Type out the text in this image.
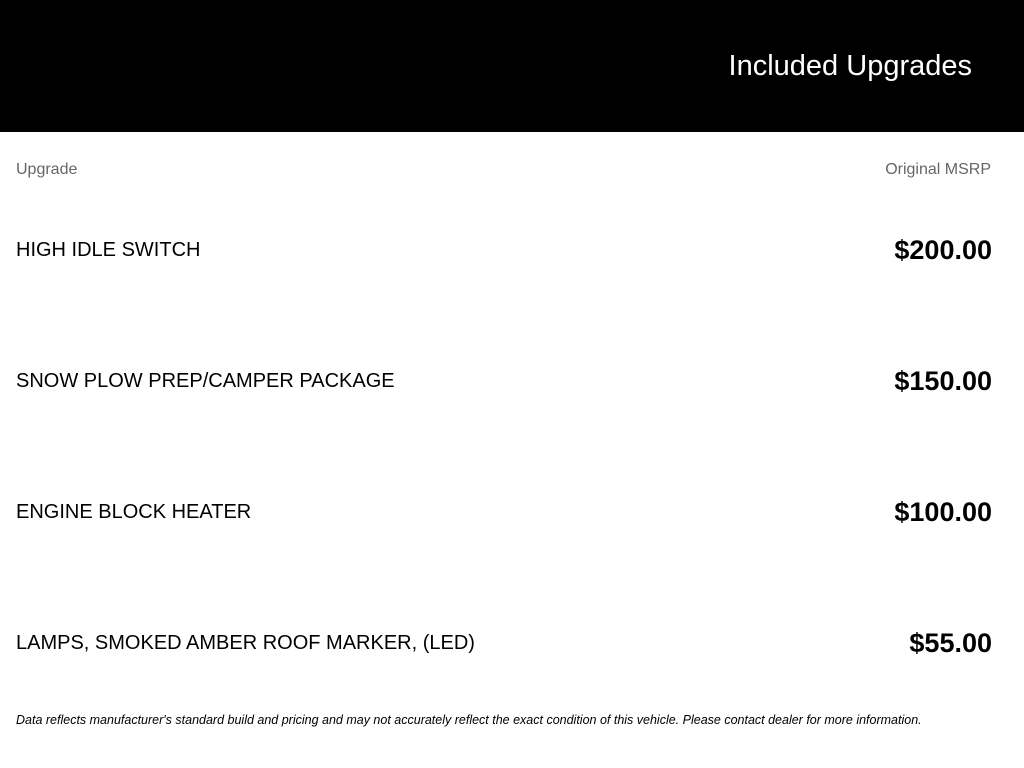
Included Upgrades
Upgrade	Original MSRP
HIGH IDLE SWITCH	$200.00
SNOW PLOW PREP/CAMPER PACKAGE	$150.00
ENGINE BLOCK HEATER	$100.00
LAMPS, SMOKED AMBER ROOF MARKER, (LED)	$55.00
Data reflects manufacturer's standard build and pricing and may not accurately reflect the exact condition of this vehicle. Please contact dealer for more information.
